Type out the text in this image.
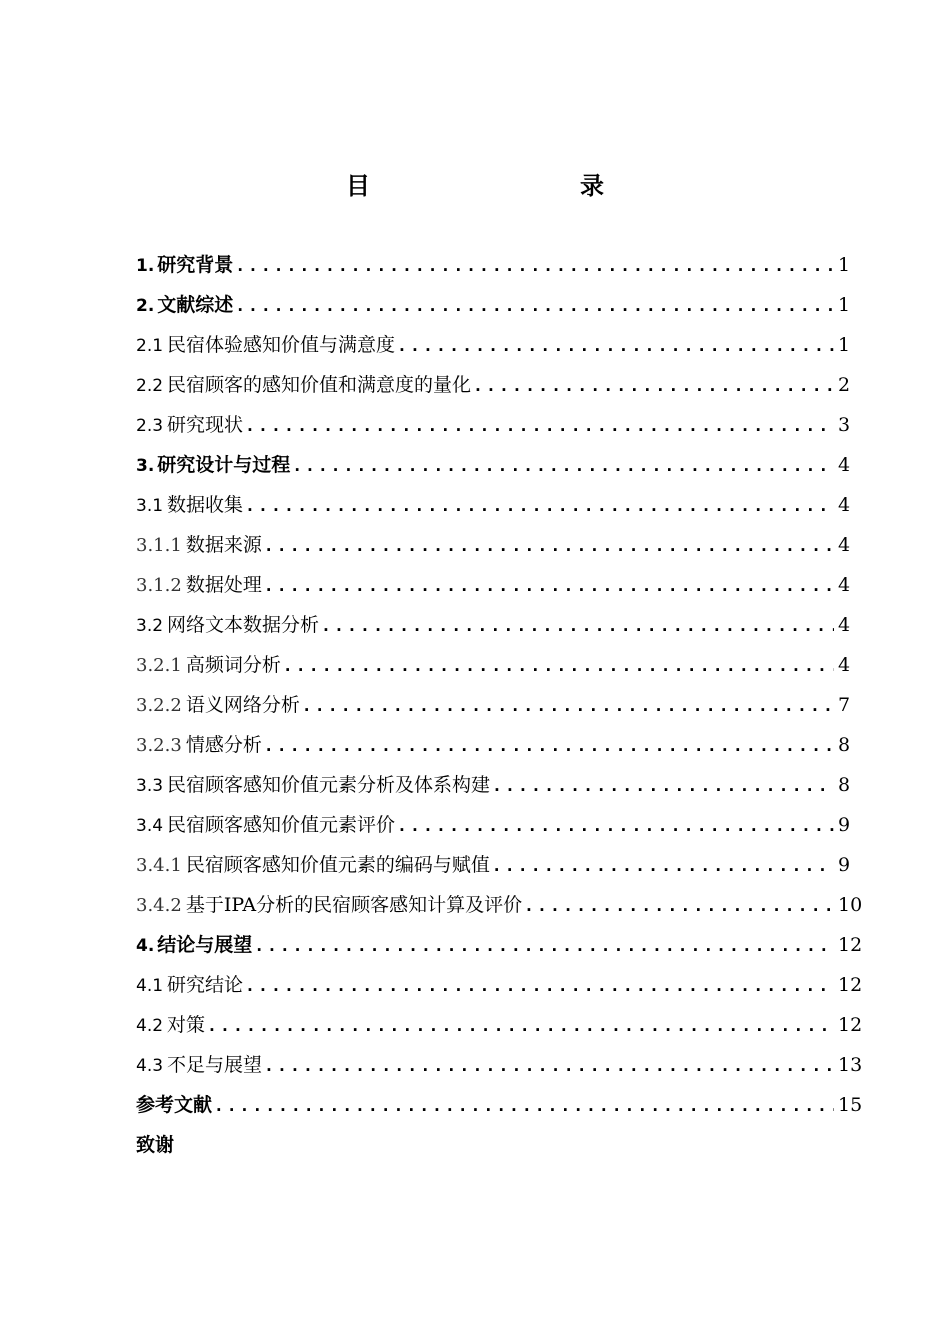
目　　录
1. 研究背景 .....	1
2. 文献综述 .....	1
2.1 民宿体验感知价值与满意度 .....	1
2.2 民宿顾客的感知价值和满意度的量化 .....	2
2.3 研究现状 .....	3
3. 研究设计与过程 .....	4
3.1 数据收集 .....	4
3.1.1 数据来源 .....	4
3.1.2 数据处理 .....	4
3.2 网络文本数据分析 .....	4
3.2.1 高频词分析 .....	4
3.2.2 语义网络分析 .....	7
3.2.3 情感分析 .....	8
3.3 民宿顾客感知价值元素分析及体系构建 .....	8
3.4 民宿顾客感知价值元素评价 .....	9
3.4.1 民宿顾客感知价值元素的编码与赋值 .....	9
3.4.2 基于IPA分析的民宿顾客感知计算及评价 .....	10
4. 结论与展望 .....	12
4.1 研究结论 .....	12
4.2 对策 .....	12
4.3 不足与展望 .....	13
参考文献 .....	15
致谢
